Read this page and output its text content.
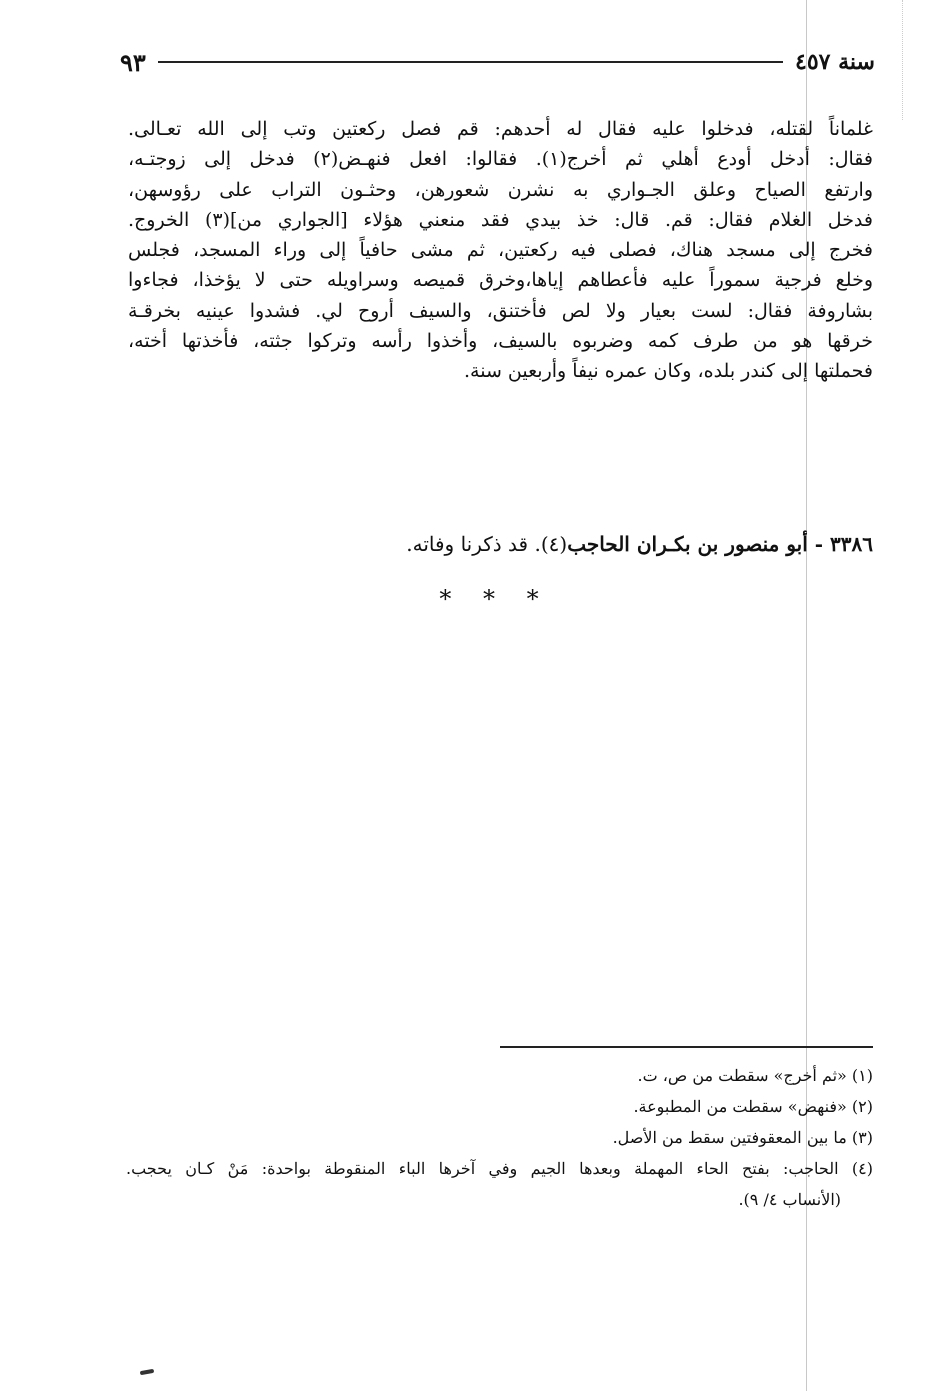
سنة ٤٥٧
٩٣
غلماناً لقتله، فدخلوا عليه فقال له أحدهم: قم فصل ركعتين وتب إلى الله تعـالى.
فقال: أدخل أودع أهلي ثم أخرج(١). فقالوا: افعل فنهـض(٢) فدخل إلى زوجتـه،
وارتفع الصياح وعلق الجـواري به نشرن شعورهن، وحثـون التراب على رؤوسهن،
فدخل الغلام فقال: قم. قال: خذ بيدي فقد منعني هؤلاء [الجواري من](٣) الخروج.
فخرج إلى مسجد هناك، فصلى فيه ركعتين، ثم مشى حافياً إلى وراء المسجد، فجلس
وخلع فرجية سموراً عليه فأعطاهم إياها،وخرق قميصه وسراويله حتى لا يؤخذا، فجاءوا
بشاروفة فقال: لست بعيار ولا لص فأختنق، والسيف أروح لي. فشدوا عينيه بخرقـة
خرقها هو من طرف كمه وضربوه بالسيف، وأخذوا رأسه وتركوا جثته، فأخذتها أخته،
فحملتها إلى كندر بلده، وكان عمره نيفاً وأربعين سنة.
٣٣٨٦ - أبو منصور بن بكـران الحاجب(٤). قد ذكرنا وفاته.
* * *
(١) «ثم أخرج» سقطت من ص، ت.
(٢) «فنهض» سقطت من المطبوعة.
(٣) ما بين المعقوفتين سقط من الأصل.
(٤) الحاجب: بفتح الحاء المهملة وبعدها الجيم وفي آخرها الباء المنقوطة بواحدة: مَنْ كـان يحجب.
(الأنساب ٤/ ٩).
